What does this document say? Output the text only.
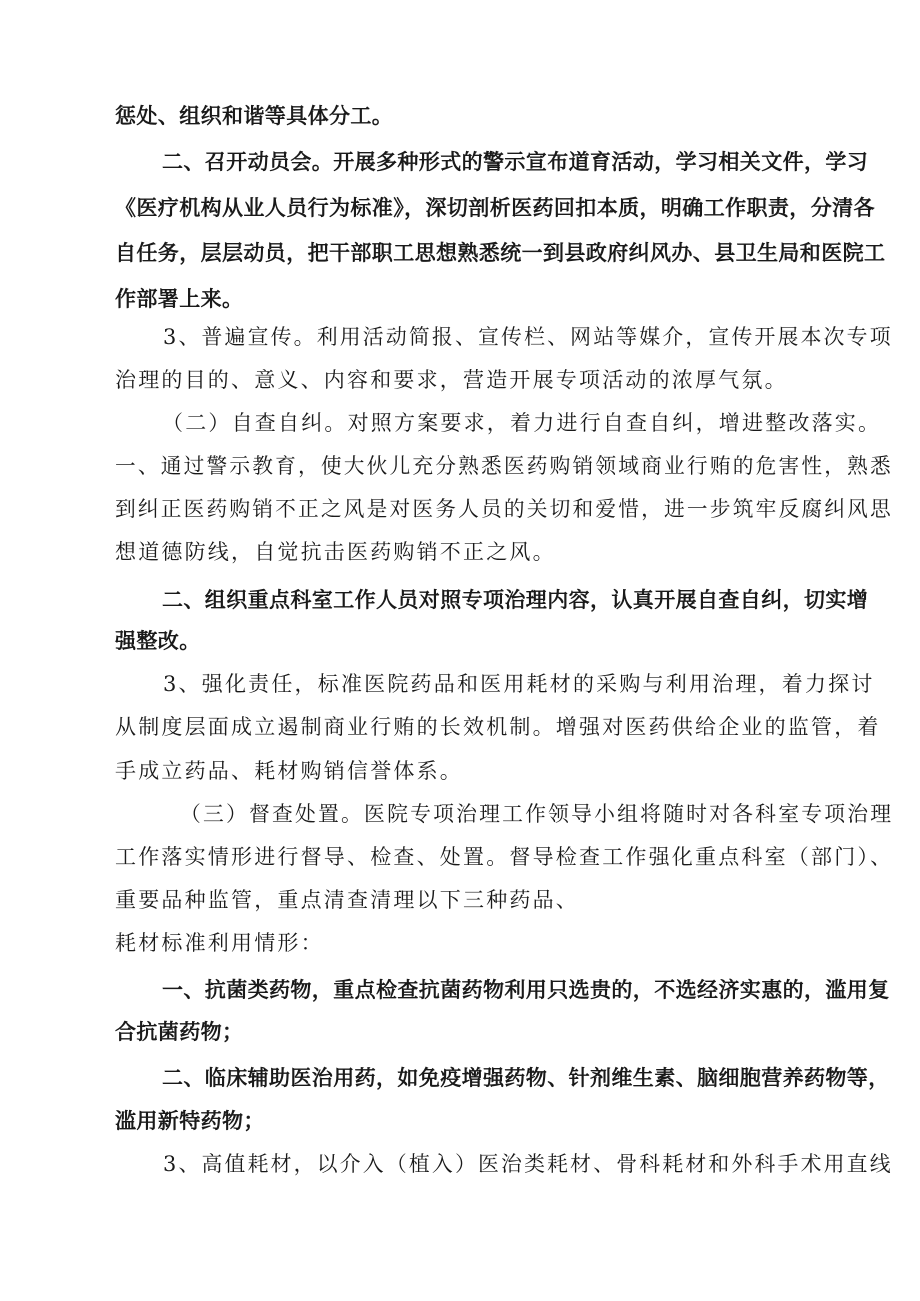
惩处、组织和谐等具体分工。
二、召开动员会。开展多种形式的警示宣布道育活动，学习相关文件，学习
《医疗机构从业人员行为标准》，深切剖析医药回扣本质，明确工作职责，分清各
自任务，层层动员，把干部职工思想熟悉统一到县政府纠风办、县卫生局和医院工
作部署上来。
3、普遍宣传。利用活动简报、宣传栏、网站等媒介，宣传开展本次专项
治理的目的、意义、内容和要求，营造开展专项活动的浓厚气氛。
（二）自查自纠。对照方案要求，着力进行自查自纠，增进整改落实。
一、通过警示教育，使大伙儿充分熟悉医药购销领域商业行贿的危害性，熟悉
到纠正医药购销不正之风是对医务人员的关切和爱惜，进一步筑牢反腐纠风思
想道德防线，自觉抗击医药购销不正之风。
二、组织重点科室工作人员对照专项治理内容，认真开展自查自纠，切实增
强整改。
3、强化责任，标准医院药品和医用耗材的采购与利用治理，着力探讨
从制度层面成立遏制商业行贿的长效机制。增强对医药供给企业的监管，着
手成立药品、耗材购销信誉体系。
（三）督查处置。医院专项治理工作领导小组将随时对各科室专项治理
工作落实情形进行督导、检查、处置。督导检查工作强化重点科室（部门）、
重要品种监管，重点清查清理以下三种药品、
耗材标准利用情形：
一、抗菌类药物，重点检查抗菌药物利用只选贵的，不选经济实惠的，滥用复
合抗菌药物；
二、临床辅助医治用药，如免疫增强药物、针剂维生素、脑细胞营养药物等，
滥用新特药物；
3、高值耗材，以介入（植入）医治类耗材、骨科耗材和外科手术用直线
